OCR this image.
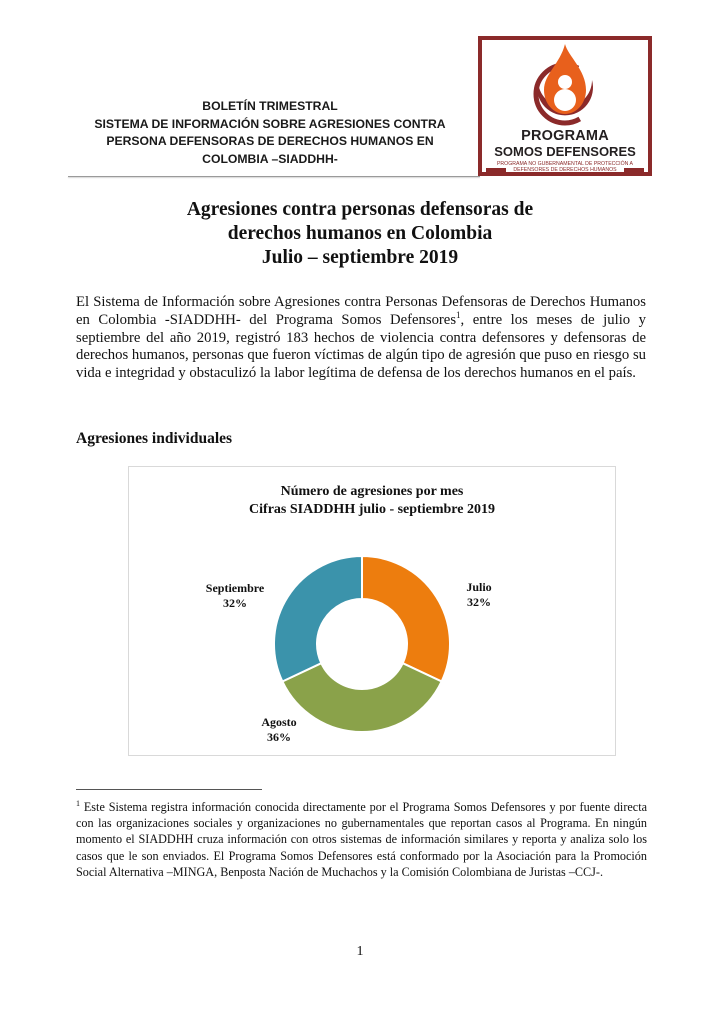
BOLETÍN TRIMESTRAL
SISTEMA DE INFORMACIÓN SOBRE AGRESIONES CONTRA
PERSONA DEFENSORAS DE DERECHOS HUMANOS EN
COLOMBIA –SIADDHH-
PROGRAMA
SOMOS DEFENSORES
PROGRAMA NO GUBERNAMENTAL DE PROTECCIÓN A
DEFENSORES DE DERECHOS HUMANOS
Agresiones contra personas defensoras de
derechos humanos en Colombia
Julio – septiembre 2019
El Sistema de Información sobre Agresiones contra Personas Defensoras de Derechos Humanos en Colombia -SIADDHH- del Programa Somos Defensores$^1$, entre los meses de julio y septiembre del año 2019, registró 183 hechos de violencia contra defensores y defensoras de derechos humanos, personas que fueron víctimas de algún tipo de agresión que puso en riesgo su vida e integridad y obstaculizó la labor legítima de defensa de los derechos humanos en el país.
Agresiones individuales
Número de agresiones por mes
Cifras SIADDHH julio - septiembre 2019
Julio
32%
Agosto
36%
Septiembre
32%
$^1$ Este Sistema registra información conocida directamente por el Programa Somos Defensores y por fuente directa con las organizaciones sociales y organizaciones no gubernamentales que reportan casos al Programa. En ningún momento el SIADDHH cruza información con otros sistemas de información similares y reporta y analiza solo los casos que le son enviados. El Programa Somos Defensores está conformado por la Asociación para la Promoción Social Alternativa –MINGA, Benposta Nación de Muchachos y la Comisión Colombiana de Juristas –CCJ-.
1
